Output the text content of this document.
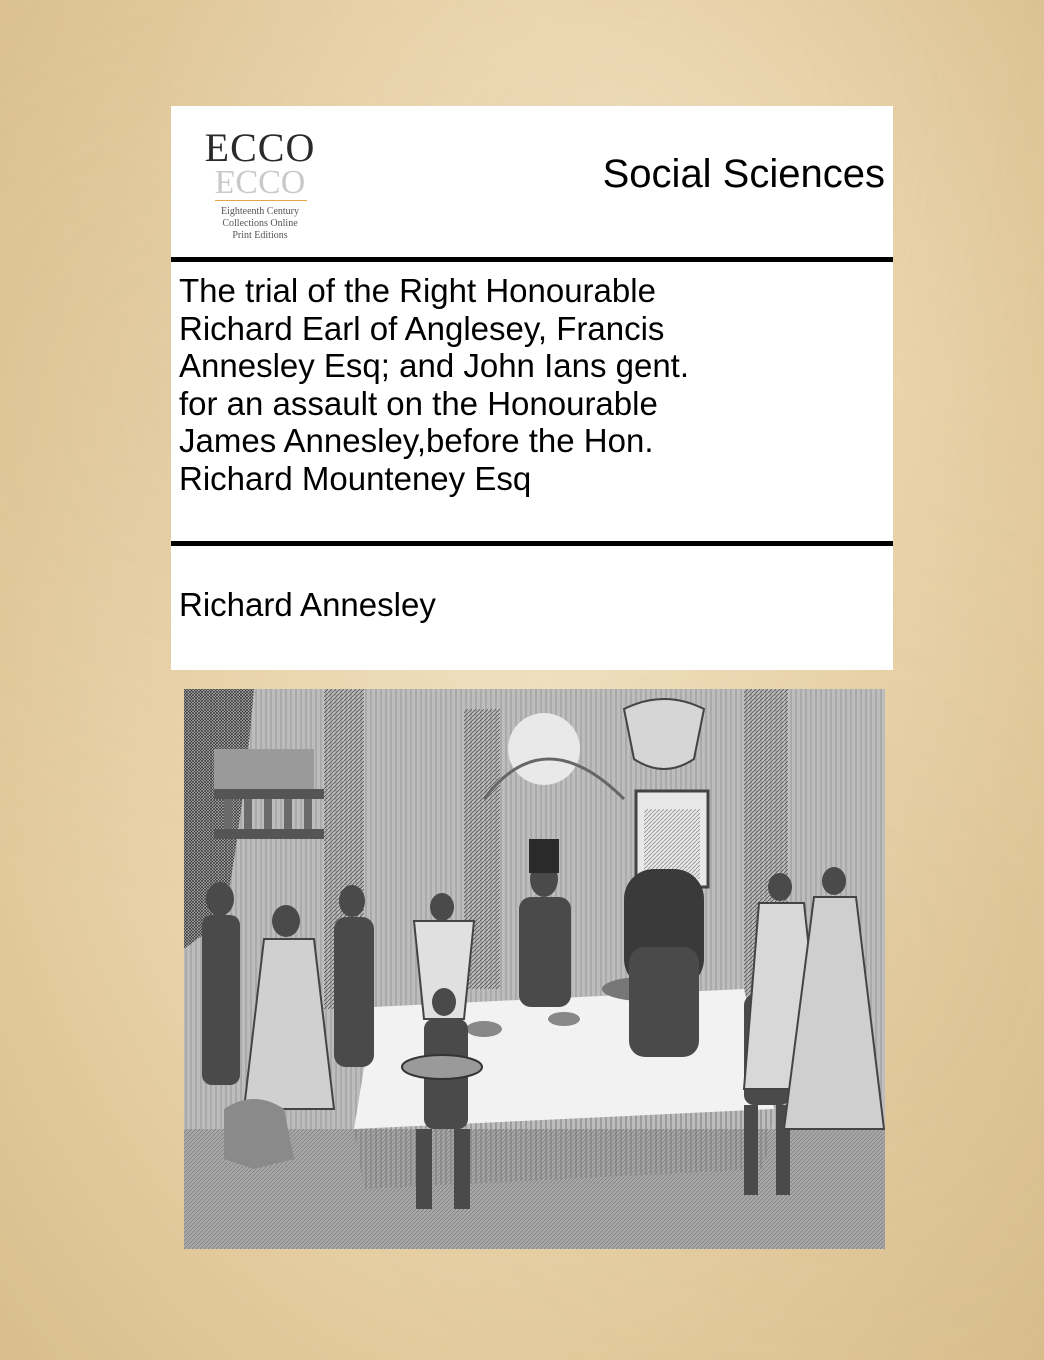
ECCO
ECCO
Eighteenth Century
Collections Online
Print Editions
Social Sciences
The trial of the Right Honourable
Richard Earl of Anglesey, Francis
Annesley Esq; and John Ians gent.
for an assault on the Honourable
James Annesley,before the Hon.
Richard Mounteney Esq
Richard Annesley
